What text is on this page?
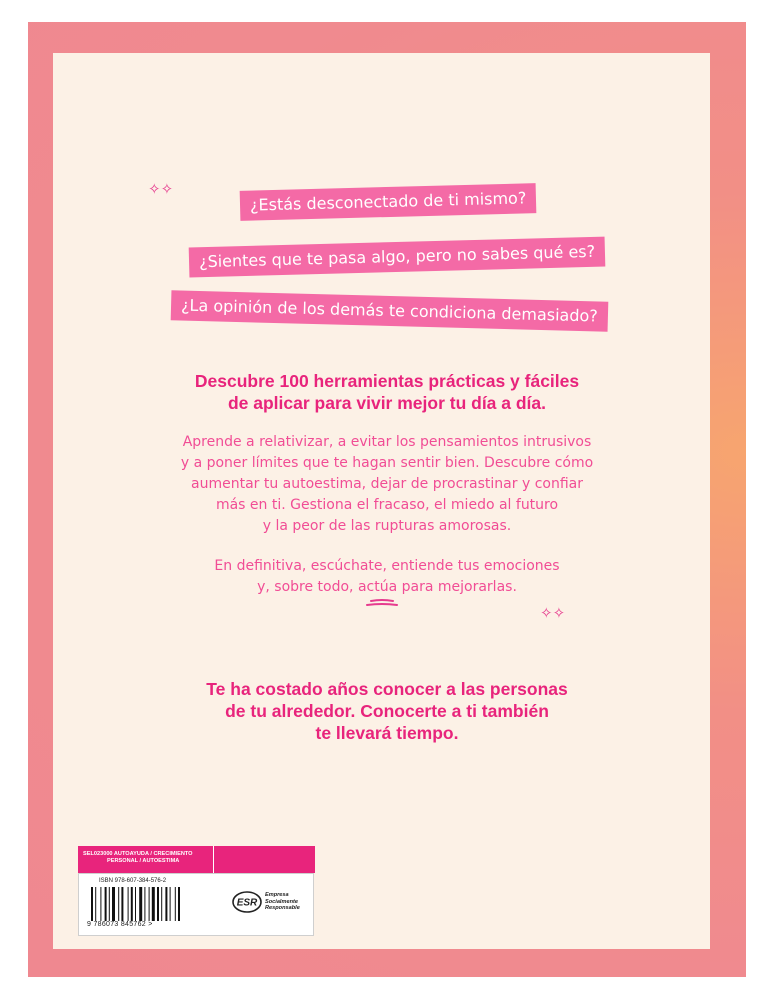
✧✧	¿Estás desconectado de ti mismo?
¿Sientes que te pasa algo, pero no sabes qué es?
¿La opinión de los demás te condiciona demasiado?
Descubre 100 herramientas prácticas y fáciles
de aplicar para vivir mejor tu día a día.
Aprende a relativizar, a evitar los pensamientos intrusivos
y a poner límites que te hagan sentir bien. Descubre cómo
aumentar tu autoestima, dejar de procrastinar y confiar
más en ti. Gestiona el fracaso, el miedo al futuro
y la peor de las rupturas amorosas.
En definitiva, escúchate, entiende tus emociones
y, sobre todo, actúa para mejorarlas.
✧✧
Te ha costado años conocer a las personas
de tu alrededor. Conocerte a ti también
te llevará tiempo.
SEL023000 AUTOAYUDA / CRECIMIENTO
PERSONAL / AUTOESTIMA
ISBN 978-607-384-576-2
9 786073 845762 >
ESR
Empresa
Socialmente
Responsable
